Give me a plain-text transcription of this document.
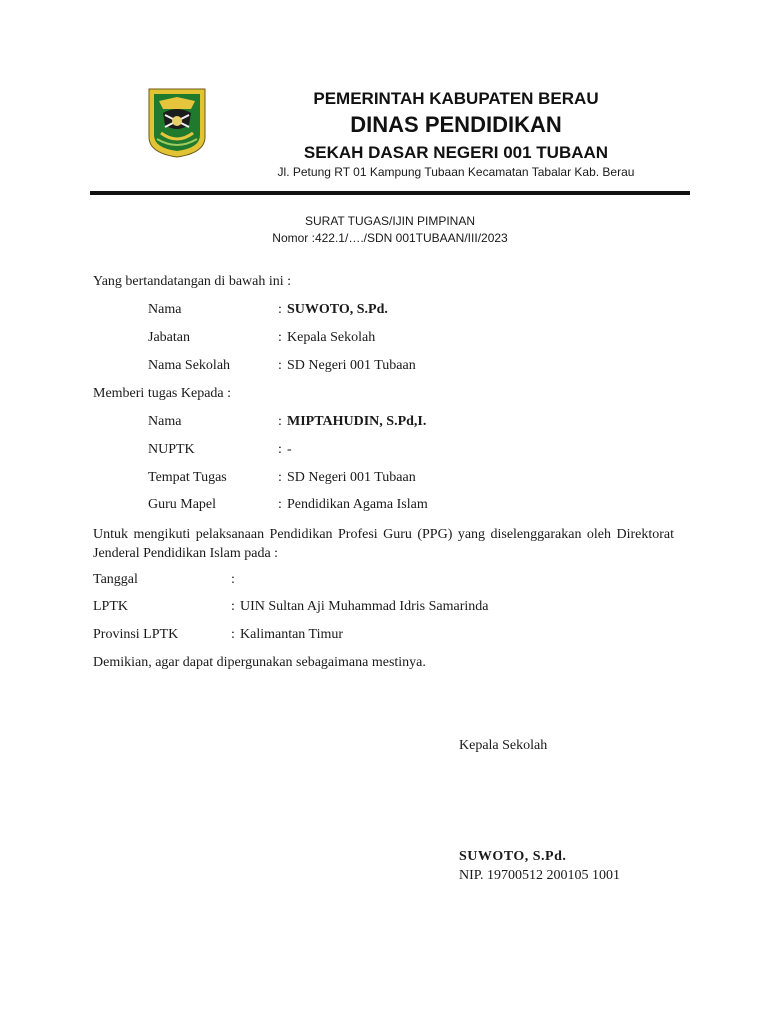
PEMERINTAH KABUPATEN BERAU
DINAS PENDIDIKAN
SEKAH DASAR NEGERI 001 TUBAAN
Jl. Petung RT 01 Kampung Tubaan Kecamatan Tabalar Kab. Berau
SURAT TUGAS/IJIN PIMPINAN
Nomor :422.1/…./SDN 001TUBAAN/III/2023
Yang bertandatangan di bawah ini :
Nama	: SUWOTO, S.Pd.
Jabatan	: Kepala Sekolah
Nama Sekolah	: SD Negeri 001 Tubaan
Memberi tugas Kepada :
Nama	: MIPTAHUDIN, S.Pd,I.
NUPTK	: -
Tempat Tugas	: SD Negeri 001 Tubaan
Guru Mapel	: Pendidikan Agama Islam
Untuk mengikuti pelaksanaan Pendidikan Profesi Guru (PPG) yang diselenggarakan oleh Direktorat Jenderal Pendidikan Islam pada :
Tanggal	:
LPTK	: UIN Sultan Aji Muhammad Idris Samarinda
Provinsi LPTK	: Kalimantan Timur
Demikian, agar dapat dipergunakan sebagaimana mestinya.
Kepala Sekolah
SUWOTO, S.Pd.
NIP. 19700512 200105 1001
